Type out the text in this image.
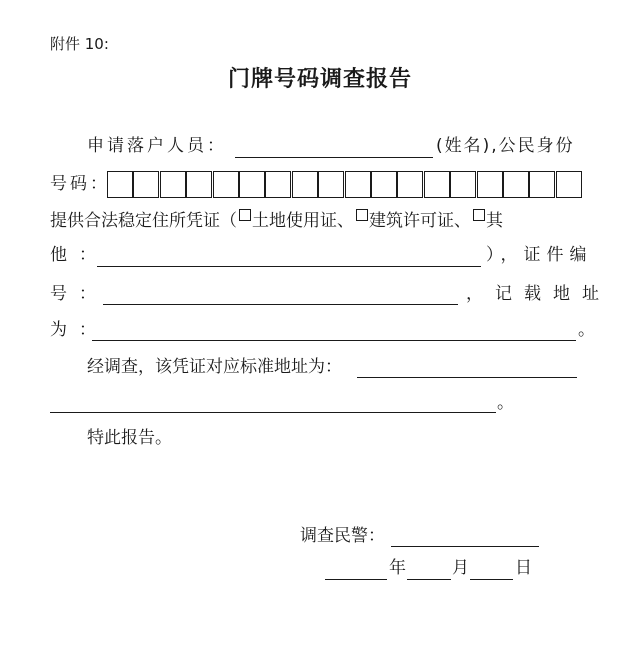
附件 10:
门牌号码调查报告
申请落户人员：	(姓名),公民身份
号码：
提供合法稳定住所凭证（ 土地使用证、 建筑许可证、 其
他：	），证件编
号：	，记载地址
为：	。
经调查，该凭证对应标准地址为：
。
特此报告。
调查民警：
年	月	日
